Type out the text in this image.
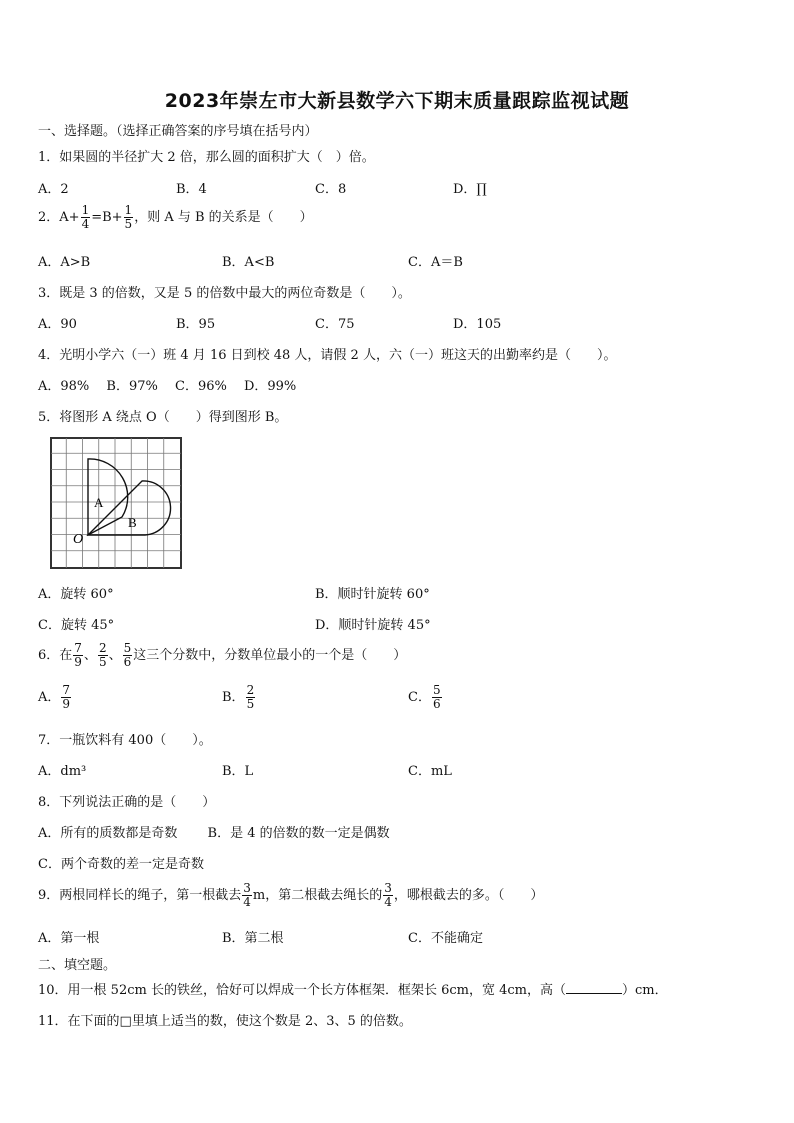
2023年崇左市大新县数学六下期末质量跟踪监视试题
一、选择题。（选择正确答案的序号填在括号内）
1．如果圆的半径扩大 2 倍，那么圆的面积扩大（　）倍。
A．2	B．4	C．8	D．∏
2．$A+ \frac{1}{4} =B+ \frac{1}{5}$ ，则 A 与 B 的关系是（　　）
A．A>B	B．A<B	C．A＝B
3．既是 3 的倍数，又是 5 的倍数中最大的两位奇数是（　　）。
A．90	B．95	C．75	D．105
4．光明小学六（一）班 4 月 16 日到校 48 人，请假 2 人，六（一）班这天的出勤率约是（　　）。
A．98%　 B．97%　 C．96%　 D．99%
5．将图形 A 绕点 O（　　）得到图形 B。
A
B
O
A．旋转 60°	B．顺时针旋转 60°
C．旋转 45°	D．顺时针旋转 45°
6．在 $\frac{7}{9}$ 、 $\frac{2}{5}$ 、 $\frac{5}{6}$ 这三个分数中，分数单位最小的一个是（　　）
A． $\frac{7}{9}$	B． $\frac{2}{5}$	C． $\frac{5}{6}$
7．一瓶饮料有 400（　　）。
A．dm³	B．L	C．mL
8．下列说法正确的是（　　）
A．所有的质数都是奇数　　 B．是 4 的倍数的数一定是偶数
C．两个奇数的差一定是奇数
9．两根同样长的绳子，第一根截去 $\frac{3}{4}$ m，第二根截去绳长的 $\frac{3}{4}$ ，哪根截去的多。（　　）
A．第一根	B．第二根	C．不能确定
二、填空题。
10．用一根 52cm 长的铁丝，恰好可以焊成一个长方体框架．框架长 6cm，宽 4cm，高（	）cm．
11．在下面的□里填上适当的数，使这个数是 2、3、5 的倍数。
